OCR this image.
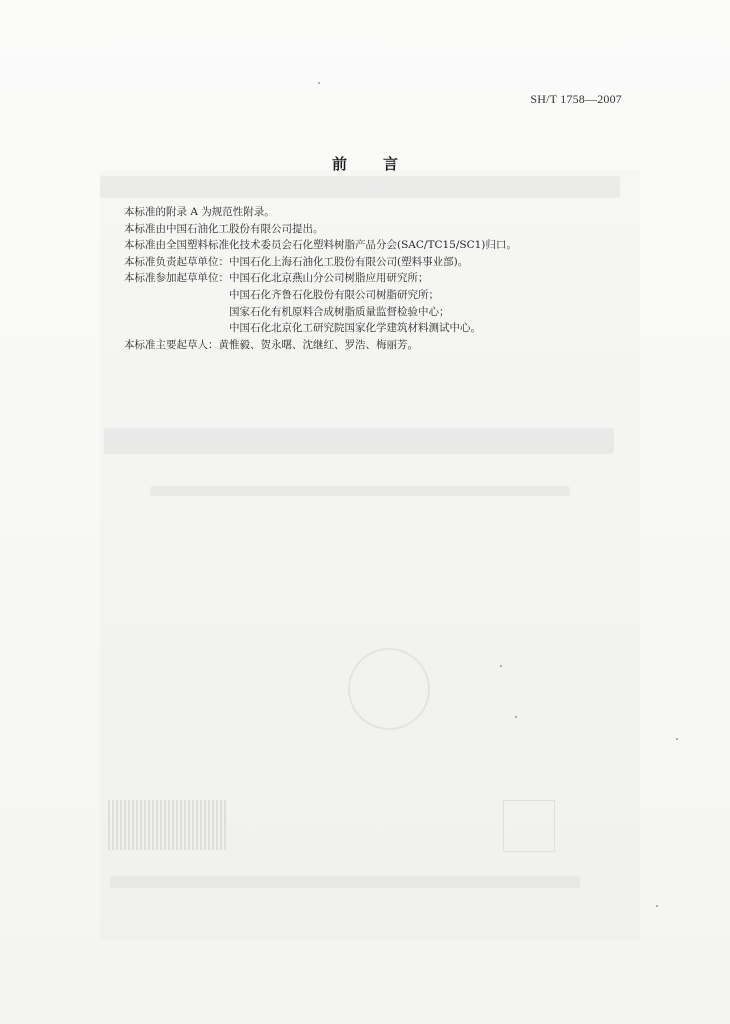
SH/T 1758—2007
前言
本标准的附录 A 为规范性附录。
本标准由中国石油化工股份有限公司提出。
本标准由全国塑料标准化技术委员会石化塑料树脂产品分会(SAC/TC15/SC1)归口。
本标准负责起草单位：中国石化上海石油化工股份有限公司(塑料事业部)。
本标准参加起草单位： 中国石化北京燕山分公司树脂应用研究所；
中国石化齐鲁石化股份有限公司树脂研究所；
国家石化有机原料合成树脂质量监督检验中心；
中国石化北京化工研究院国家化学建筑材料测试中心。
本标准主要起草人：黄惟毅、贺永曙、沈继红、罗浩、梅丽芳。
